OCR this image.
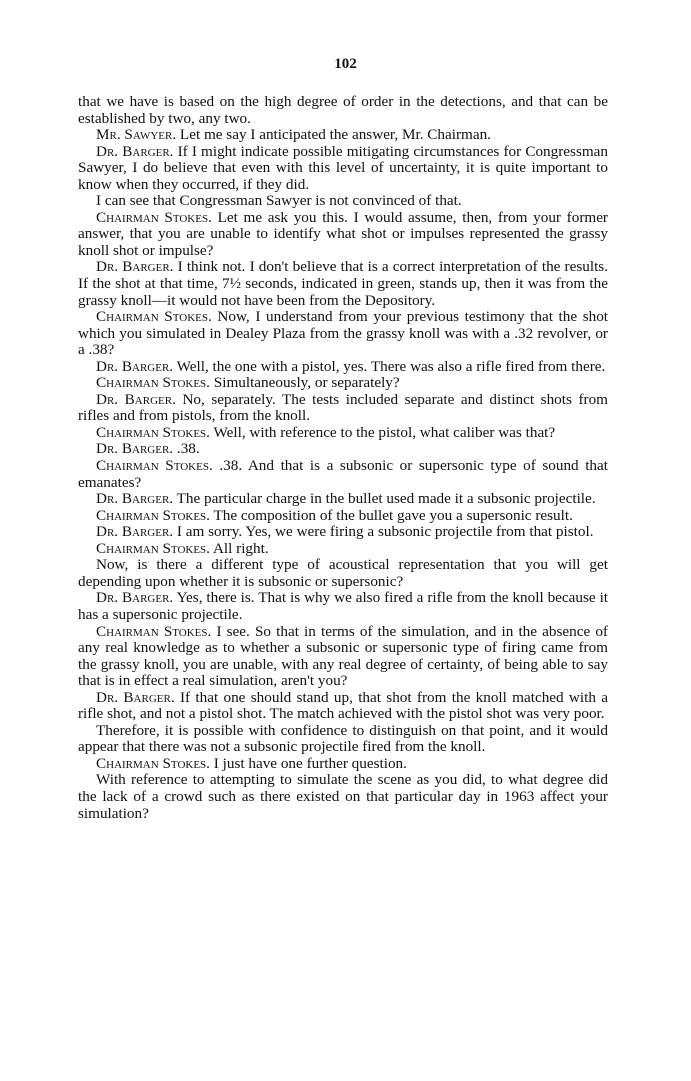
102

that we have is based on the high degree of order in the detections, and that can be established by two, any two.

Mr. Sawyer. Let me say I anticipated the answer, Mr. Chairman.

Dr. Barger. If I might indicate possible mitigating circumstances for Congressman Sawyer, I do believe that even with this level of uncertainty, it is quite important to know when they occurred, if they did.

I can see that Congressman Sawyer is not convinced of that.

Chairman Stokes. Let me ask you this. I would assume, then, from your former answer, that you are unable to identify what shot or impulses represented the grassy knoll shot or impulse?

Dr. Barger. I think not. I don't believe that is a correct interpretation of the results. If the shot at that time, 7½ seconds, indicated in green, stands up, then it was from the grassy knoll—it would not have been from the Depository.

Chairman Stokes. Now, I understand from your previous testimony that the shot which you simulated in Dealey Plaza from the grassy knoll was with a .32 revolver, or a .38?

Dr. Barger. Well, the one with a pistol, yes. There was also a rifle fired from there.

Chairman Stokes. Simultaneously, or separately?

Dr. Barger. No, separately. The tests included separate and distinct shots from rifles and from pistols, from the knoll.

Chairman Stokes. Well, with reference to the pistol, what caliber was that?

Dr. Barger. .38.

Chairman Stokes. .38. And that is a subsonic or supersonic type of sound that emanates?

Dr. Barger. The particular charge in the bullet used made it a subsonic projectile.

Chairman Stokes. The composition of the bullet gave you a supersonic result.

Dr. Barger. I am sorry. Yes, we were firing a subsonic projectile from that pistol.

Chairman Stokes. All right.

Now, is there a different type of acoustical representation that you will get depending upon whether it is subsonic or supersonic?

Dr. Barger. Yes, there is. That is why we also fired a rifle from the knoll because it has a supersonic projectile.

Chairman Stokes. I see. So that in terms of the simulation, and in the absence of any real knowledge as to whether a subsonic or supersonic type of firing came from the grassy knoll, you are unable, with any real degree of certainty, of being able to say that is in effect a real simulation, aren't you?

Dr. Barger. If that one should stand up, that shot from the knoll matched with a rifle shot, and not a pistol shot. The match achieved with the pistol shot was very poor.

Therefore, it is possible with confidence to distinguish on that point, and it would appear that there was not a subsonic projectile fired from the knoll.

Chairman Stokes. I just have one further question.

With reference to attempting to simulate the scene as you did, to what degree did the lack of a crowd such as there existed on that particular day in 1963 affect your simulation?
